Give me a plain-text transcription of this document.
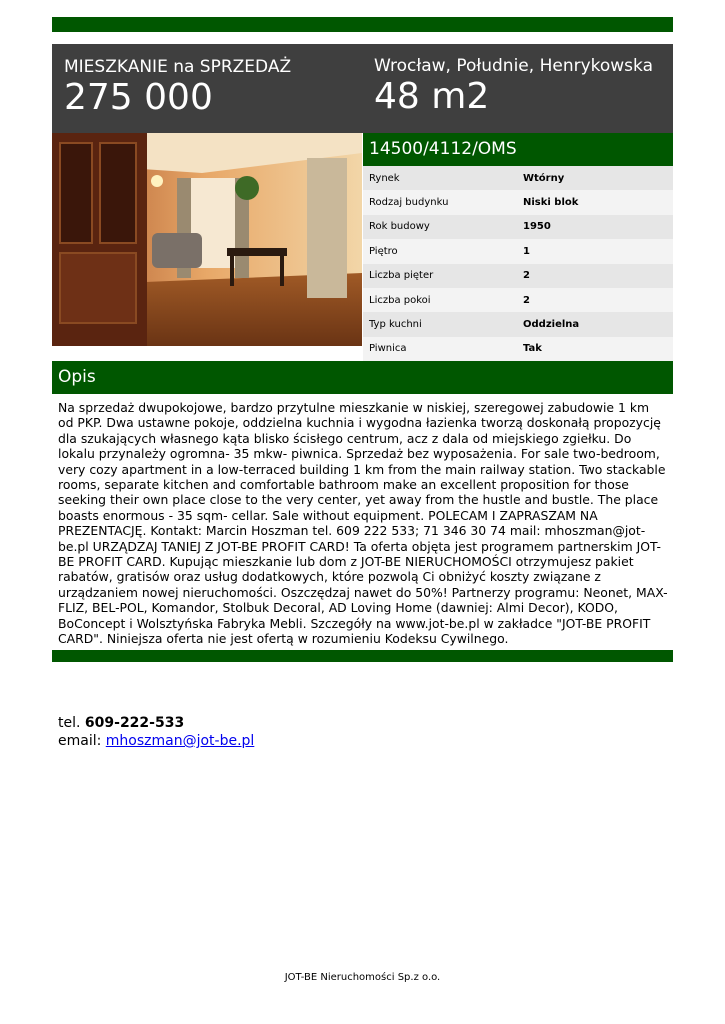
MIESZKANIE na SPRZEDAŻ
275 000
Wrocław, Południe, Henrykowska
48 m2
14500/4112/OMS
Rynek	Wtórny
Rodzaj budynku	Niski blok
Rok budowy	1950
Piętro	1
Liczba pięter	2
Liczba pokoi	2
Typ kuchni	Oddzielna
Piwnica	Tak
Opis
Na sprzedaż dwupokojowe, bardzo przytulne mieszkanie w niskiej, szeregowej zabudowie 1 km od PKP. Dwa ustawne pokoje, oddzielna kuchnia i wygodna łazienka tworzą doskonałą propozycję dla szukających własnego kąta blisko ścisłego centrum, acz z dala od miejskiego zgiełku. Do lokalu przynależy ogromna- 35 mkw- piwnica. Sprzedaż bez wyposażenia. For sale two-bedroom, very cozy apartment in a low-terraced building 1 km from the main railway station. Two stackable rooms, separate kitchen and comfortable bathroom make an excellent proposition for those seeking their own place close to the very center, yet away from the hustle and bustle. The place boasts enormous - 35 sqm- cellar. Sale without equipment. POLECAM I ZAPRASZAM NA PREZENTACJĘ. Kontakt: Marcin Hoszman tel. 609 222 533; 71 346 30 74 mail: mhoszman@jot-be.pl URZĄDZAJ TANIEJ Z JOT-BE PROFIT CARD! Ta oferta objęta jest programem partnerskim JOT-BE PROFIT CARD. Kupując mieszkanie lub dom z JOT-BE NIERUCHOMOŚCI otrzymujesz pakiet rabatów, gratisów oraz usług dodatkowych, które pozwolą Ci obniżyć koszty związane z urządzaniem nowej nieruchomości. Oszczędzaj nawet do 50%! Partnerzy programu: Neonet, MAX-FLIZ, BEL-POL, Komandor, Stolbuk Decoral, AD Loving Home (dawniej: Almi Decor), KODO, BoConcept i Wolsztyńska Fabryka Mebli. Szczegóły na www.jot-be.pl w zakładce "JOT-BE PROFIT CARD". Niniejsza oferta nie jest ofertą w rozumieniu Kodeksu Cywilnego.
tel. 609-222-533
email: mhoszman@jot-be.pl
JOT-BE Nieruchomości Sp.z o.o.
